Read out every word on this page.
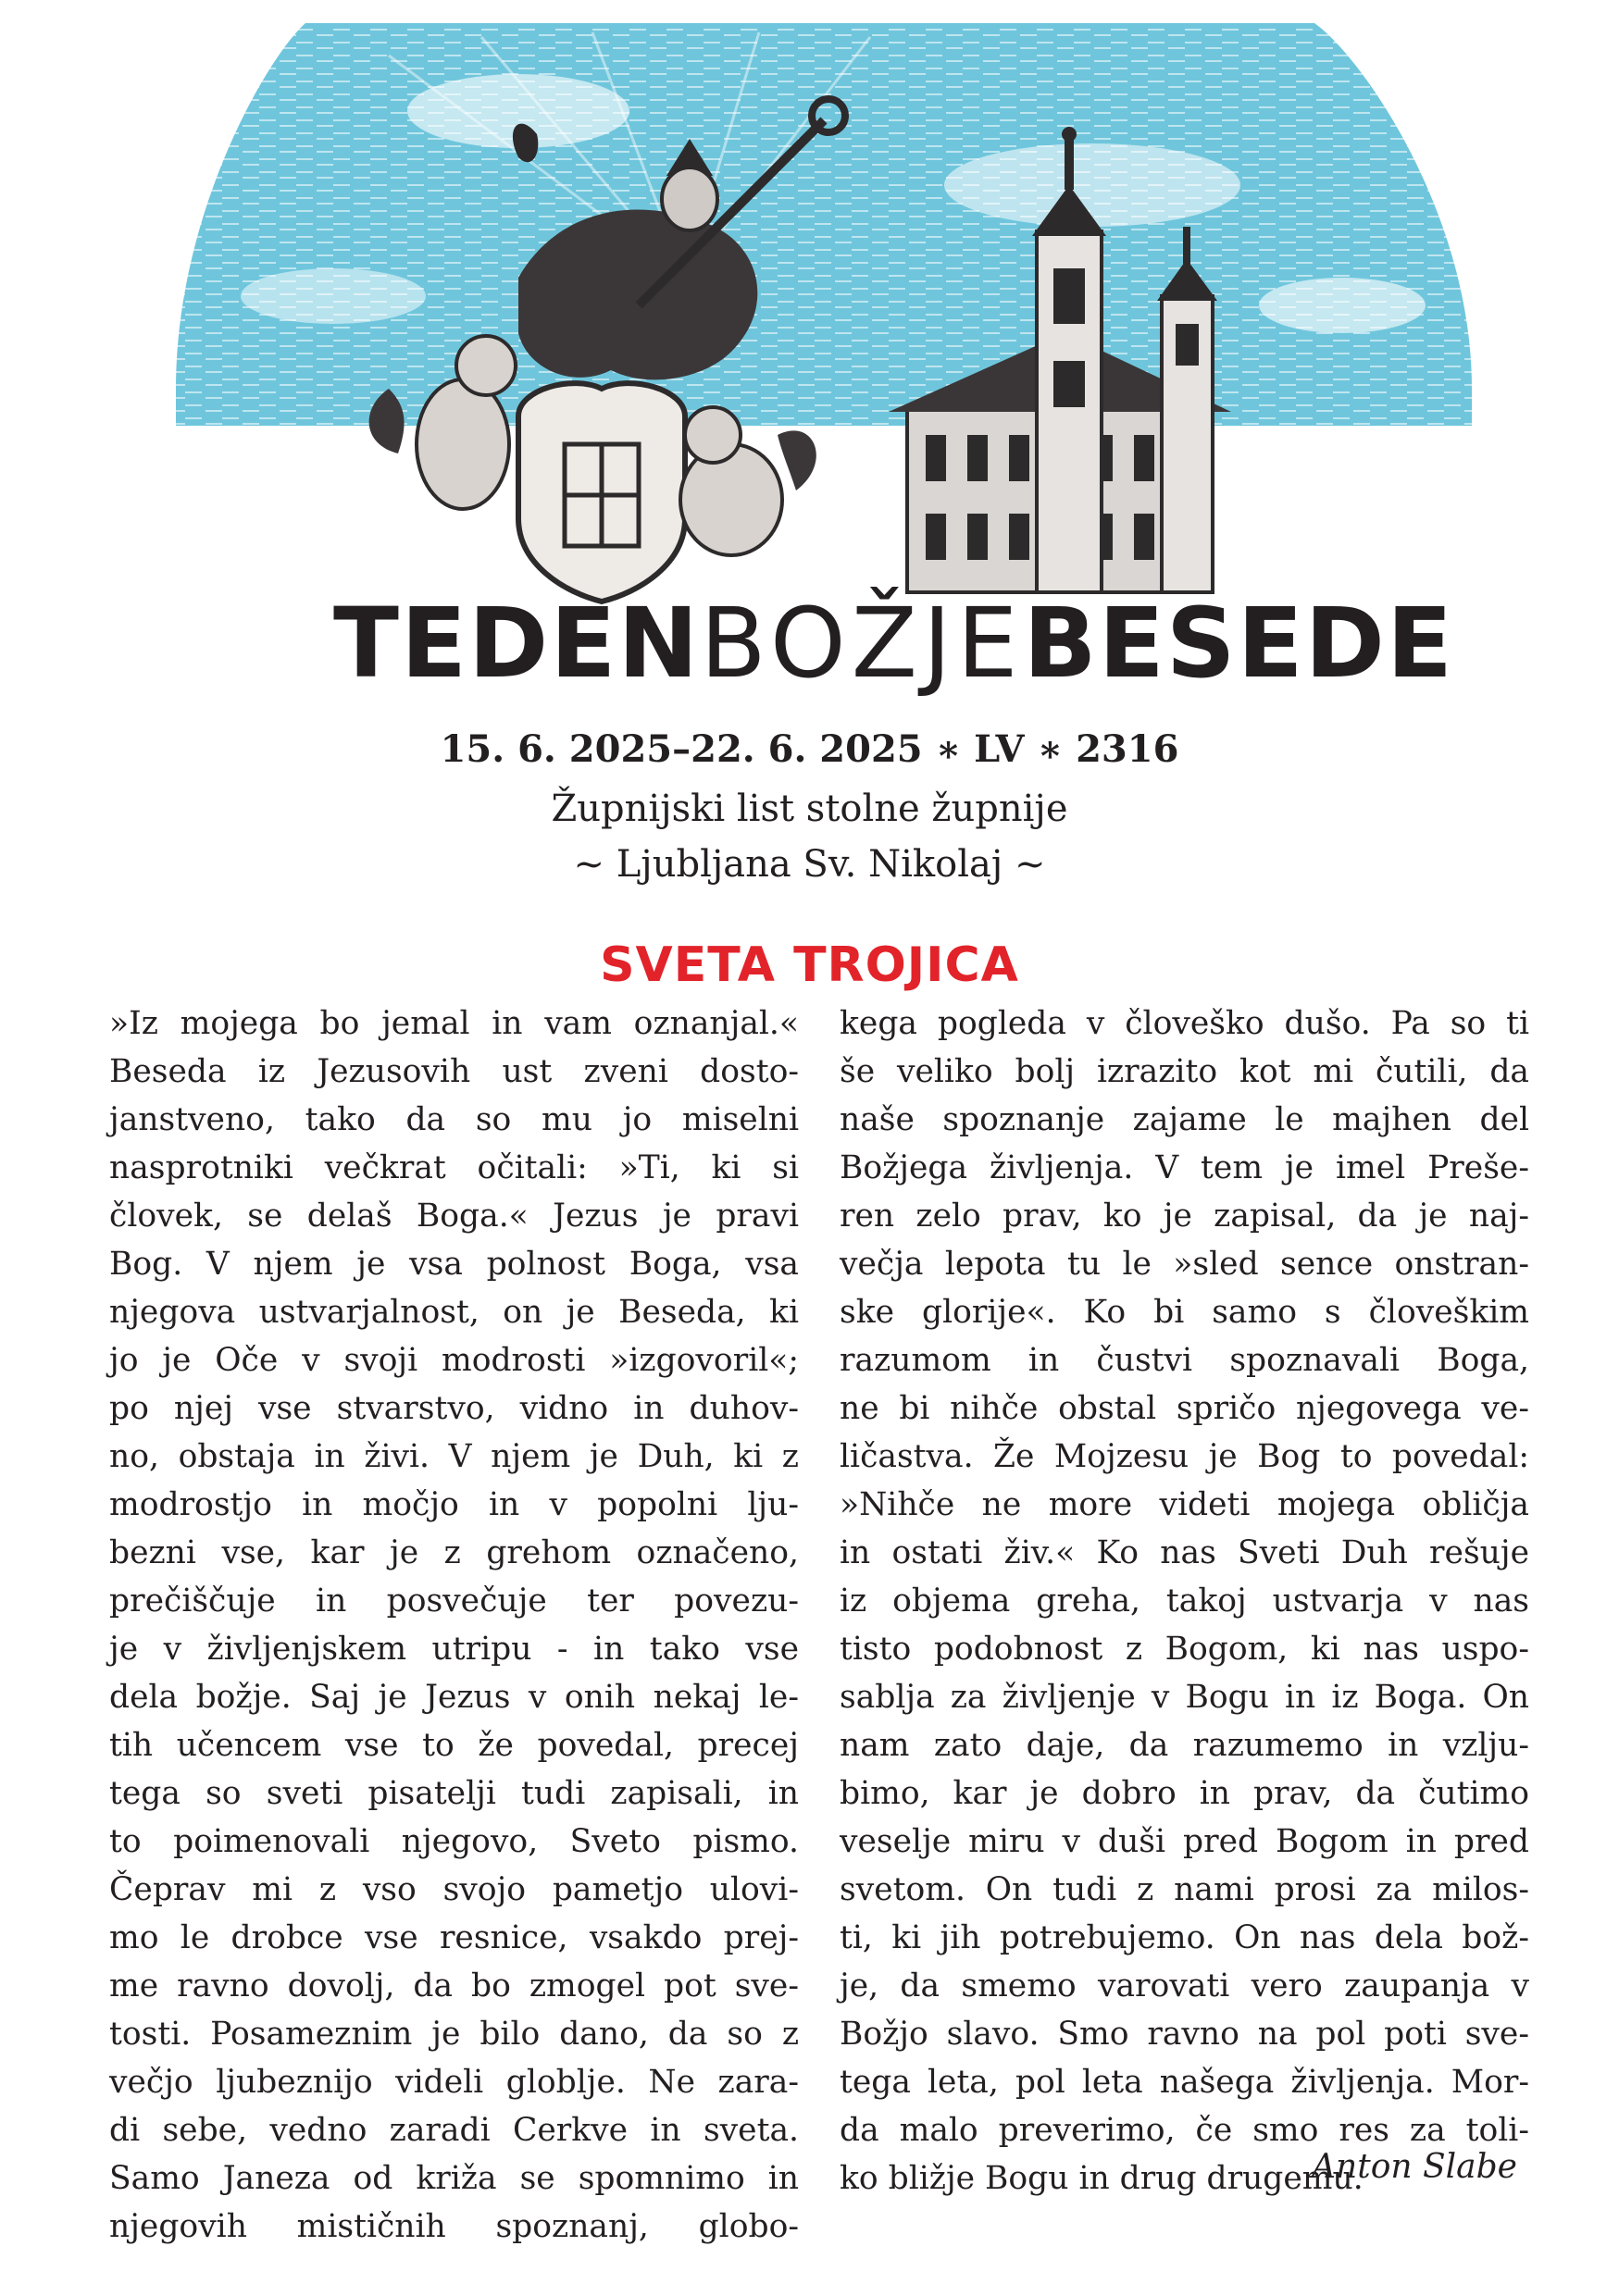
TEDENBOŽJEBESEDE
15. 6. 2025–22. 6. 2025 ∗ LV ∗ 2316
Župnijski list stolne župnije
~ Ljubljana Sv. Nikolaj ~
SVETA TROJICA
»Iz mojega bo jemal in vam oznanjal.«
Beseda iz Jezusovih ust zveni dosto-
janstveno, tako da so mu jo miselni
nasprotniki večkrat očitali: »Ti, ki si
človek, se delaš Boga.« Jezus je pravi
Bog. V njem je vsa polnost Boga, vsa
njegova ustvarjalnost, on je Beseda, ki
jo je Oče v svoji modrosti »izgovoril«;
po njej vse stvarstvo, vidno in duhov-
no, obstaja in živi. V njem je Duh, ki z
modrostjo in močjo in v popolni lju-
bezni vse, kar je z grehom označeno,
prečiščuje in posvečuje ter povezu-
je v življenjskem utripu - in tako vse
dela božje. Saj je Jezus v onih nekaj le-
tih učencem vse to že povedal, precej
tega so sveti pisatelji tudi zapisali, in
to poimenovali njegovo, Sveto pismo.
Čeprav mi z vso svojo pametjo ulovi-
mo le drobce vse resnice, vsakdo prej-
me ravno dovolj, da bo zmogel pot sve-
tosti. Posameznim je bilo dano, da so z
večjo ljubeznijo videli globlje. Ne zara-
di sebe, vedno zaradi Cerkve in sveta.
Samo Janeza od križa se spomnimo in
njegovih mističnih spoznanj, globo-
kega pogleda v človeško dušo. Pa so ti
še veliko bolj izrazito kot mi čutili, da
naše spoznanje zajame le majhen del
Božjega življenja. V tem je imel Preše-
ren zelo prav, ko je zapisal, da je naj-
večja lepota tu le »sled sence onstran-
ske glorije«. Ko bi samo s človeškim
razumom in čustvi spoznavali Boga,
ne bi nihče obstal spričo njegovega ve-
ličastva. Že Mojzesu je Bog to povedal:
»Nihče ne more videti mojega obličja
in ostati živ.« Ko nas Sveti Duh rešuje
iz objema greha, takoj ustvarja v nas
tisto podobnost z Bogom, ki nas uspo-
sablja za življenje v Bogu in iz Boga. On
nam zato daje, da razumemo in vzlju-
bimo, kar je dobro in prav, da čutimo
veselje miru v duši pred Bogom in pred
svetom. On tudi z nami prosi za milos-
ti, ki jih potrebujemo. On nas dela bož-
je, da smemo varovati vero zaupanja v
Božjo slavo. Smo ravno na pol poti sve-
tega leta, pol leta našega življenja. Mor-
da malo preverimo, če smo res za toli-
ko bližje Bogu in drug drugemu.
Anton Slabe
